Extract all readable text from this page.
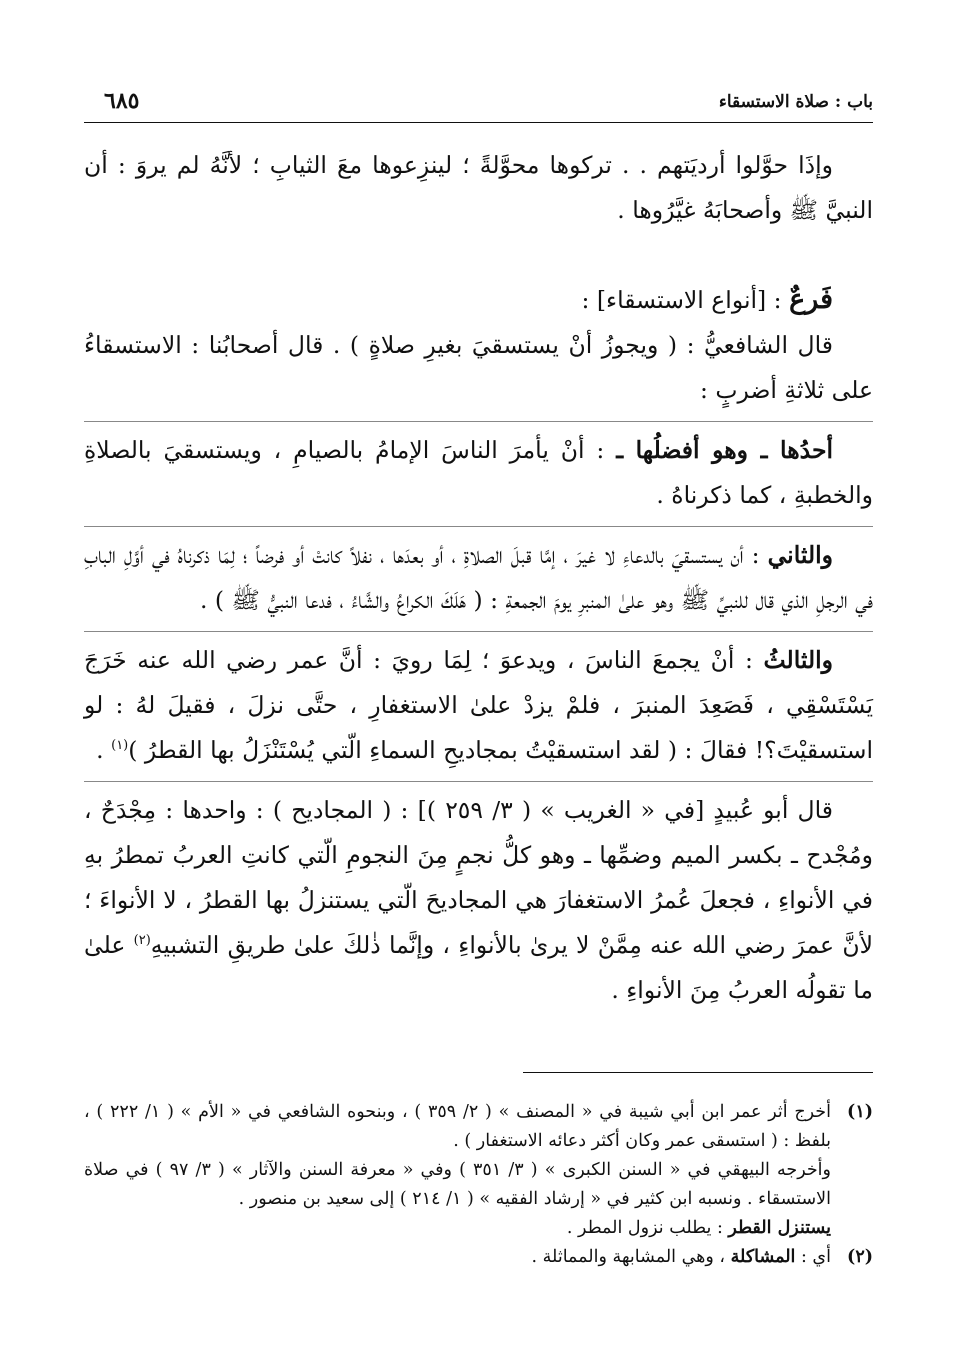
باب : صلاة الاستسقاء
٦٨٥

وإذَا حوَّلوا أرديَتهم . . تركوها محوَّلةً ؛ لينزِعوها معَ الثيابِ ؛ لأنَّهُ لم يروَ : أن النبيَّ ﷺ وأصحابَهُ غيَّرُوها .

فَرعٌ : [أنواع الاستسقاء] :

قال الشافعيُّ : ( ويجوزُ أنْ يستسقيَ بغيرِ صلاةٍ ) . قال أصحابُنا : الاستسقاءُ على ثلاثةِ أضربٍ :

أحدُها ـ وهو أفضلُها ـ : أنْ يأمرَ الناسَ الإمامُ بالصيامِ ، ويستسقيَ بالصلاةِ والخطبةِ ، كما ذكرناهُ .

والثاني : أن يستسقيَ بالدعاءِ لا غيرَ ، إمَّا قبلَ الصلاةِ ، أو بعدَها ، نفلاً كانتْ أو فرضاً ؛ لِمَا ذكرناهُ في أوَّلِ البابِ في الرجلِ الذي قال للنبيِّ ﷺ وهو علىٰ المنبرِ يومَ الجمعةِ : ( هَلَكَ الكراعُ والشَّاءُ ، فدعا النبيُّ ﷺ ) .

والثالثُ : أنْ يجمعَ الناسَ ، ويدعوَ ؛ لِمَا رويَ : أنَّ عمر رضي الله عنه خَرَجَ يَسْتَسْقِي ، فَصَعِدَ المنبرَ ، فلمْ يزدْ علىٰ الاستغفارِ ، حتَّى نزلَ ، فقيلَ لهُ : لو استسقيْتَ؟! فقالَ : ( لقد استسقيْتُ بمجاديحِ السماءِ الّتي يُسْتَنْزَلُ بها القطرُ )$^{(١)}$ .

قال أبو عُبيدٍ [في « الغريب » ( ٣/ ٢٥٩ )] : ( المجاديح ) : واحدها : مِجْدَحٌ ، ومُجْدح ـ بكسر الميم وضمِّها ـ وهو كلُّ نجمٍ مِنَ النجومِ الّتي كانتِ العربُ تمطرُ بهِ في الأنواءِ ، فجعلَ عُمرُ الاستغفارَ هي المجاديحَ الّتي يستنزلُ بها القطرُ ، لا الأنواءَ ؛ لأنَّ عمرَ رضي الله عنه مِمَّنْ لا يرىٰ بالأنواءِ ، وإنَّما ذٰلكَ علىٰ طريقِ التشبيهِ$^{(٢)}$ علىٰ ما تقولُه العربُ مِنَ الأنواءِ .

(١)
أخرج أثر عمر ابن أبي شيبة في « المصنف » ( ٢/ ٣٥٩ ) ، وبنحوه الشافعي في « الأم » ( ١/ ٢٢٢ ) ، بلفظ : ( استسقى عمر وكان أكثر دعائه الاستغفار ) .
وأخرجه البيهقي في « السنن الكبرى » ( ٣/ ٣٥١ ) وفي « معرفة السنن والآثار » ( ٣/ ٩٧ ) في صلاة الاستسقاء . ونسبه ابن كثير في « إرشاد الفقيه » ( ١/ ٢١٤ ) إلى سعيد بن منصور .
يستنزل القطر : يطلب نزول المطر .
(٢)
أي : المشاكلة ، وهي المشابهة والمماثلة .
